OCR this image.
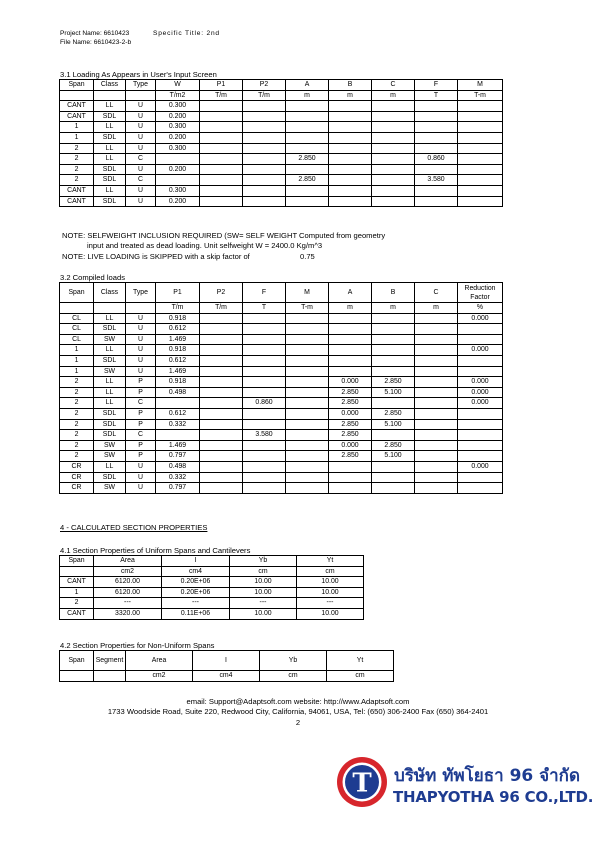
Project Name: 6610423	Specific Title: 2nd
File Name: 6610423-2-b
3.1 Loading As Appears in User's Input Screen
Span	Class	Type	W	P1	P2	A	B	C	F	M
			T/m2	T/m	T/m	m	m	m	T	T-m
CANT	LL	U	0.300							
CANT	SDL	U	0.200							
1	LL	U	0.300							
1	SDL	U	0.200							
2	LL	U	0.300							
2	LL	C				2.850			0.860	
2	SDL	U	0.200							
2	SDL	C				2.850			3.580	
CANT	LL	U	0.300							
CANT	SDL	U	0.200							
NOTE: SELFWEIGHT INCLUSION REQUIRED (SW= SELF WEIGHT Computed from geometry
input and treated as dead loading. Unit selfweight W = 2400.0 Kg/m^3
NOTE: LIVE LOADING is SKIPPED with a skip factor of	0.75
3.2 Compiled loads
Span	Class	Type	P1	P2	F	M	A	B	C	Reduction Factor
			T/m	T/m	T	T-m	m	m	m	%
CL	LL	U	0.918							0.000
CL	SDL	U	0.612							
CL	SW	U	1.469							
1	LL	U	0.918							0.000
1	SDL	U	0.612							
1	SW	U	1.469							
2	LL	P	0.918				0.000	2.850		0.000
2	LL	P	0.498				2.850	5.100		0.000
2	LL	C			0.860		2.850			0.000
2	SDL	P	0.612				0.000	2.850		
2	SDL	P	0.332				2.850	5.100		
2	SDL	C			3.580		2.850			
2	SW	P	1.469				0.000	2.850		
2	SW	P	0.797				2.850	5.100		
CR	LL	U	0.498							0.000
CR	SDL	U	0.332							
CR	SW	U	0.797							
4 - CALCULATED SECTION PROPERTIES
4.1 Section Properties of Uniform Spans and Cantilevers
Span	Area	I	Yb	Yt
	cm2	cm4	cm	cm
CANT	6120.00	0.20E+06	10.00	10.00
1	6120.00	0.20E+06	10.00	10.00
2	---	---	---	---
CANT	3320.00	0.11E+06	10.00	10.00
4.2 Section Properties for Non-Uniform Spans
Span	Segment	Area	I	Yb	Yt
		cm2	cm4	cm	cm
email: Support@Adaptsoft.com website: http://www.Adaptsoft.com
1733 Woodside Road, Suite 220, Redwood City, California, 94061, USA, Tel: (650) 306-2400 Fax (650) 364-2401
2
T บริษัท ทัพโยธา 96 จำกัด
THAPYOTHA 96 CO.,LTD.
